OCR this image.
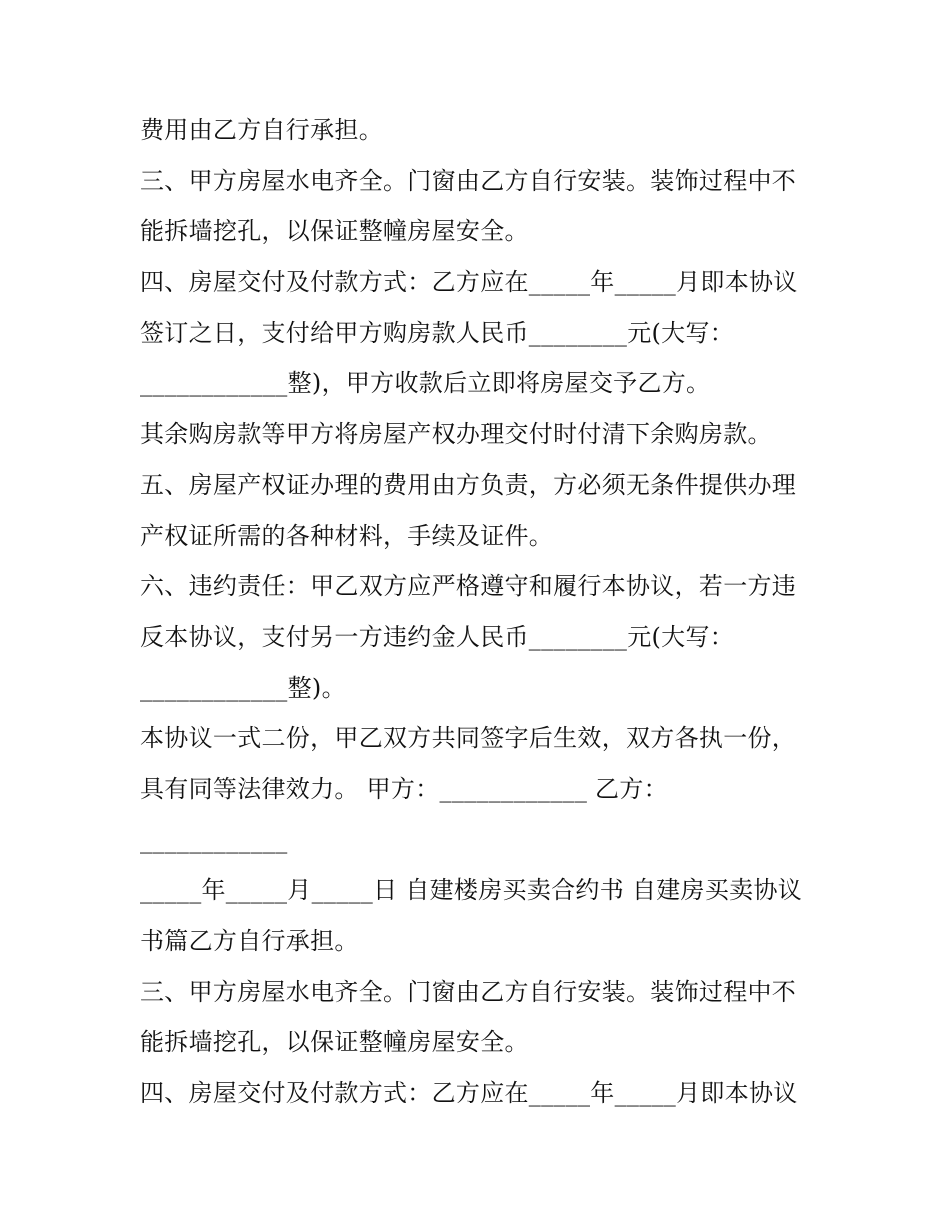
费用由乙方自行承担。
三、甲方房屋水电齐全。门窗由乙方自行安装。装饰过程中不
能拆墙挖孔，以保证整幢房屋安全。
四、房屋交付及付款方式：乙方应在_____年_____月即本协议
签订之日，支付给甲方购房款人民币________元(大写：
____________整)，甲方收款后立即将房屋交予乙方。
其余购房款等甲方将房屋产权办理交付时付清下余购房款。
五、房屋产权证办理的费用由方负责，方必须无条件提供办理
产权证所需的各种材料，手续及证件。
六、违约责任：甲乙双方应严格遵守和履行本协议，若一方违
反本协议，支付另一方违约金人民币________元(大写：
____________整)。
本协议一式二份，甲乙双方共同签字后生效，双方各执一份，
具有同等法律效力。 甲方：____________ 乙方：
____________
_____年_____月_____日 自建楼房买卖合约书 自建房买卖协议
书篇乙方自行承担。
三、甲方房屋水电齐全。门窗由乙方自行安装。装饰过程中不
能拆墙挖孔，以保证整幢房屋安全。
四、房屋交付及付款方式：乙方应在_____年_____月即本协议
